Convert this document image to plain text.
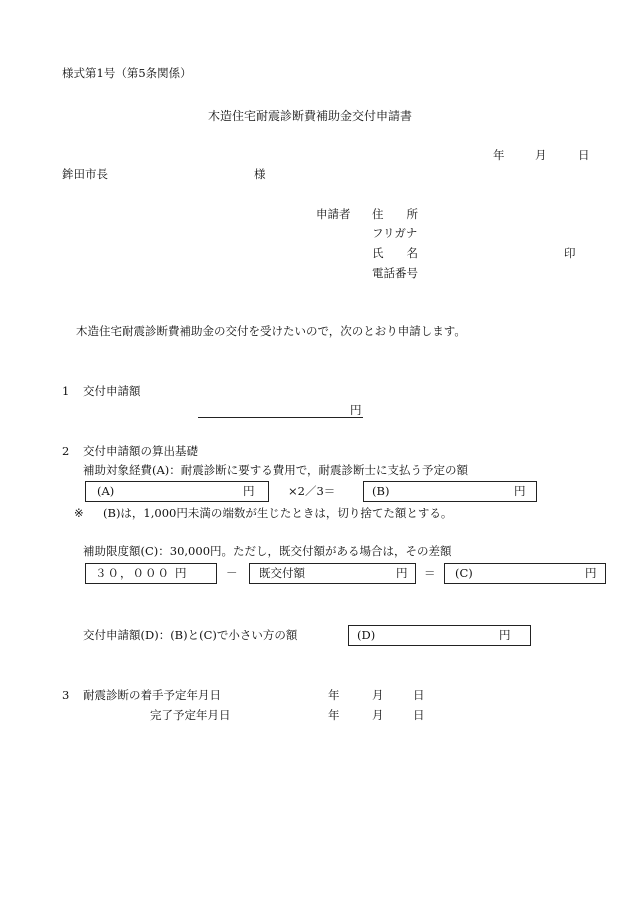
様式第1号（第5条関係）
木造住宅耐震診断費補助金交付申請書
年	月	日
鉾田市長	様
申請者 住　　所
フリガナ
氏　　名	印
電話番号
木造住宅耐震診断費補助金の交付を受けたいので，次のとおり申請します。
1 交付申請額
円
2 交付申請額の算出基礎
補助対象経費(A)：耐震診断に要する費用で，耐震診断士に支払う予定の額
(A)	円	×2／3＝	(B)	円
※ (B)は，1,000円未満の端数が生じたときは，切り捨てた額とする。
補助限度額(C)：30,000円。ただし，既交付額がある場合は，その差額
３０，０００ 円	－ 既交付額	円 ＝ (C)	円
交付申請額(D)：(B)と(C)で小さい方の額	(D)	円
3 耐震診断の着手予定年月日	年	月	日
完了予定年月日	年	月	日
